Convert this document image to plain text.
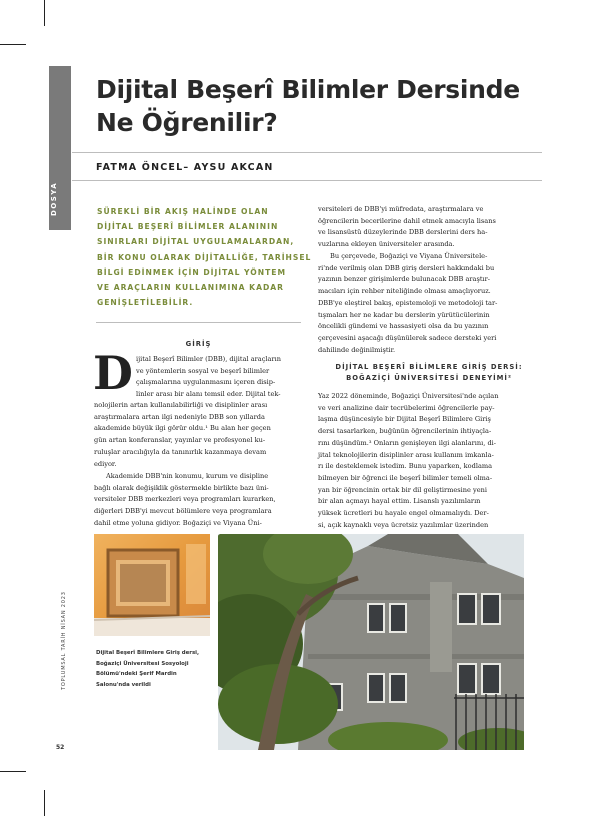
DOSYA
Dijital Beşerî Bilimler Dersinde
Ne Öğrenilir?
FATMA ÖNCEL– AYSU AKCAN
SÜREKLİ BİR AKIŞ HALİNDE OLAN
DİJİTAL BEŞERÎ BİLİMLER ALANININ
SINIRLARI DİJİTAL UYGULAMALARDAN,
BİR KONU OLARAK DİJİTALLİĞE, TARİHSEL
BİLGİ EDİNMEK İÇİN DİJİTAL YÖNTEM
VE ARAÇLARIN KULLANIMINA KADAR
GENİŞLETİLEBİLİR.
GİRİŞ
D ijital Beşerî Bilimler (DBB), dijital araçların
ve yöntemlerin sosyal ve beşerî bilimler
çalışmalarına uygulanmasını içeren disip-
linler arası bir alanı temsil eder. Dijital tek-
nolojilerin artan kullanılabilirliği ve disiplinler arası
araştırmalara artan ilgi nedeniyle DBB son yıllarda
akademide büyük ilgi görür oldu.¹ Bu alan her geçen
gün artan konferanslar, yayınlar ve profesyonel ku-
ruluşlar aracılığıyla da tanınırlık kazanmaya devam
ediyor.
Akademide DBB'nin konumu, kurum ve disipline
bağlı olarak değişiklik göstermekle birlikte bazı üni-
versiteler DBB merkezleri veya programları kurarken,
diğerleri DBB'yi mevcut bölümlere veya programlara
dahil etme yoluna gidiyor. Boğaziçi ve Viyana Üni-
versiteleri de DBB'yi müfredata, araştırmalara ve
öğrencilerin becerilerine dahil etmek amacıyla lisans
ve lisansüstü düzeylerinde DBB derslerini ders ha-
vuzlarına ekleyen üniversiteler arasında.
Bu çerçevede, Boğaziçi ve Viyana Üniversitele-
ri'nde verilmiş olan DBB giriş dersleri hakkındaki bu
yazının benzer girişimlerde bulunacak DBB araştır-
macıları için rehber niteliğinde olması amaçlıyoruz.
DBB'ye eleştirel bakış, epistemoloji ve metodoloji tar-
tışmaları her ne kadar bu derslerin yürütücülerinin
öncelikli gündemi ve hassasiyeti olsa da bu yazının
çerçevesini aşacağı düşünülerek sadece dersteki yeri
dahilinde değinilmiştir.
DİJİTAL BEŞERÎ BİLİMLERE GİRİŞ DERSİ:
BOĞAZİÇİ ÜNİVERSİTESİ DENEYİMİ²
Yaz 2022 döneminde, Boğaziçi Üniversitesi'nde açılan
ve veri analizine dair tecrübelerimi öğrencilerle pay-
laşma düşüncesiyle bir Dijital Beşerî Bilimlere Giriş
dersi tasarlarken, buğünün öğrencilerinin ihtiyaçla-
rını düşündüm.³ Onların genişleyen ilgi alanlarını, di-
jital teknolojilerin disiplinler arası kullanım imkanla-
rı ile desteklemek istedim. Bunu yaparken, kodlama
bilmeyen bir öğrenci ile beşerî bilimler temeli olma-
yan bir öğrencinin ortak bir dil geliştirmesine yeni
bir alan açmayı hayal ettim. Lisanslı yazılımların
yüksek ücretleri bu hayale engel olmamalıydı. Der-
si, açık kaynaklı veya ücretsiz yazılımlar üzerinden
Dijital Beşerî Bilimlere Giriş dersi,
Boğaziçi Üniversitesi Sosyoloji
Bölümü'ndeki Şerif Mardin
Salonu'nda verildi
TOPLUMSAL TARİH NİSAN 2023
52
